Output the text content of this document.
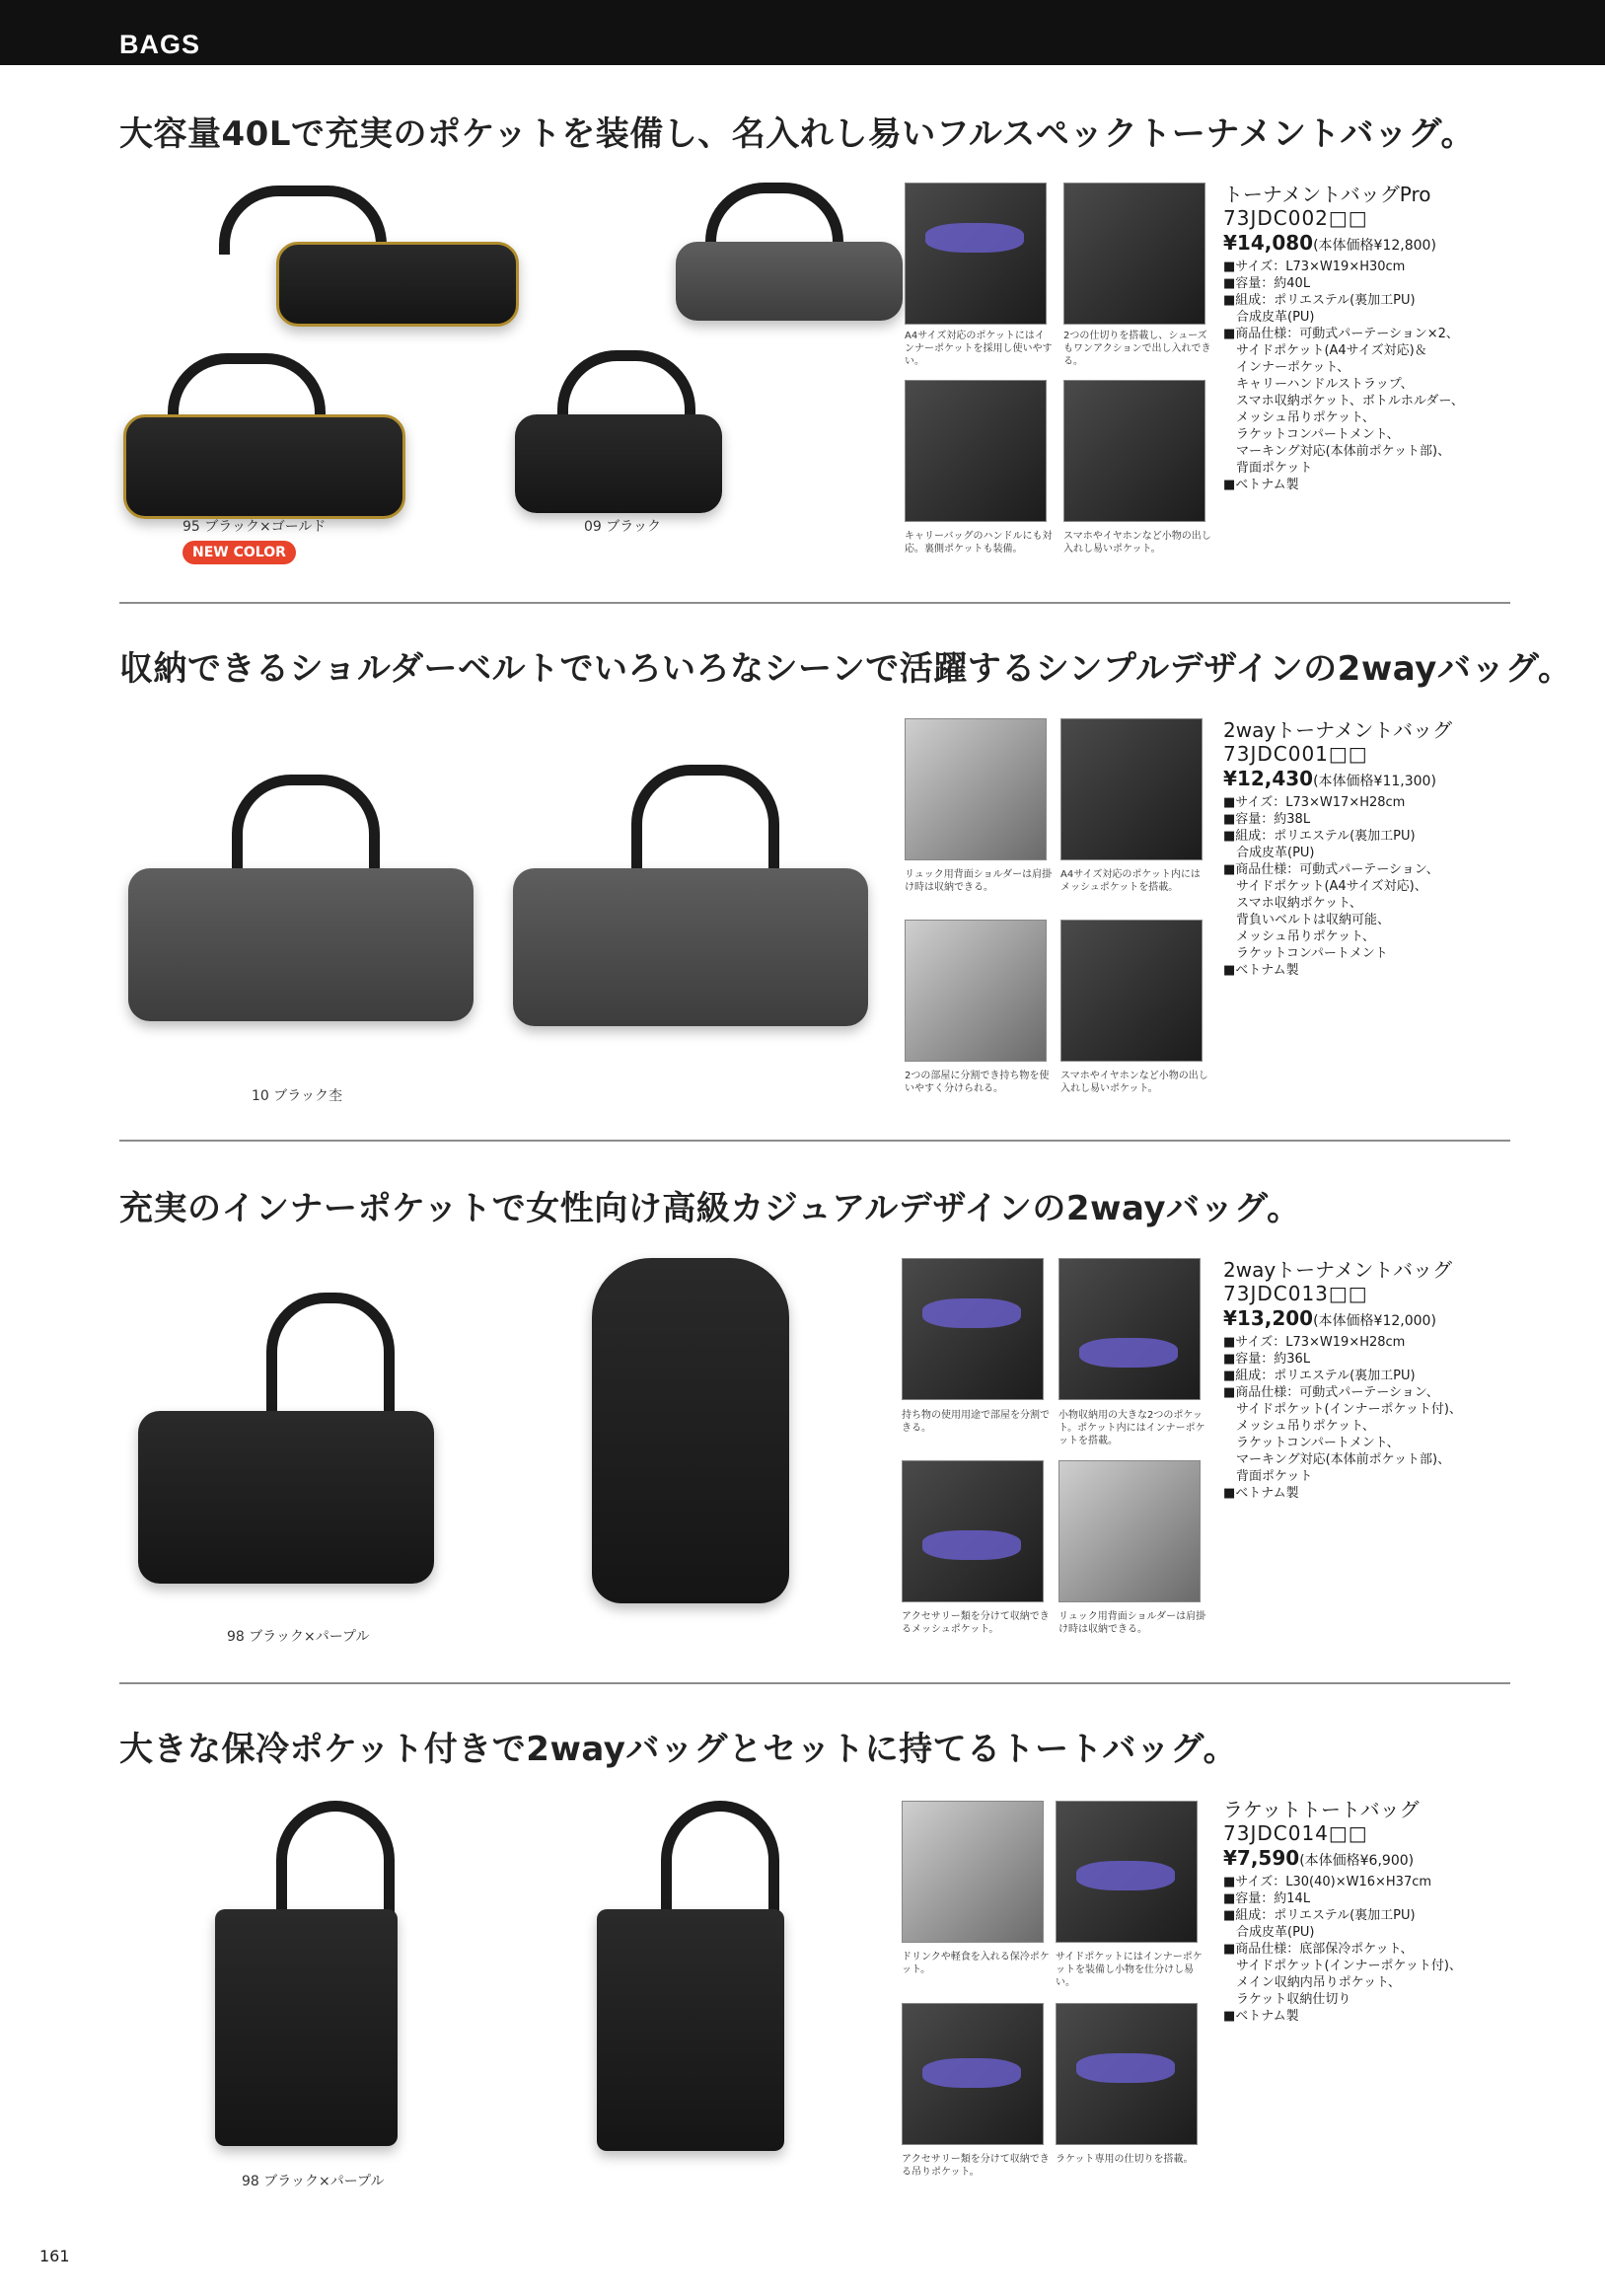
BAGS
大容量40Lで充実のポケットを装備し、名入れし易いフルスペックトーナメントバッグ。
95 ブラック×ゴールド
NEW COLOR
09 ブラック
A4サイズ対応のポケットにはインナーポケットを採用し使いやすい。
2つの仕切りを搭載し、シューズもワンアクションで出し入れできる。
キャリーバッグのハンドルにも対応。裏側ポケットも装備。
スマホやイヤホンなど小物の出し入れし易いポケット。
トーナメントバッグPro
73JDC002□□
¥14,080(本体価格¥12,800)
■サイズ：L73×W19×H30cm
■容量：約40L
■組成：ポリエステル(裏加工PU)
　合成皮革(PU)
■商品仕様：可動式パーテーション×2、
　サイドポケット(A4サイズ対応)＆
　インナーポケット、
　キャリーハンドルストラップ、
　スマホ収納ポケット、ボトルホルダー、
　メッシュ吊りポケット、
　ラケットコンパートメント、
　マーキング対応(本体前ポケット部)、
　背面ポケット
■ベトナム製
収納できるショルダーベルトでいろいろなシーンで活躍するシンプルデザインの2wayバッグ。
10 ブラック杢
リュック用背面ショルダーは肩掛け時は収納できる。
A4サイズ対応のポケット内にはメッシュポケットを搭載。
2つの部屋に分割でき持ち物を使いやすく分けられる。
スマホやイヤホンなど小物の出し入れし易いポケット。
2wayトーナメントバッグ
73JDC001□□
¥12,430(本体価格¥11,300)
■サイズ：L73×W17×H28cm
■容量：約38L
■組成：ポリエステル(裏加工PU)
　合成皮革(PU)
■商品仕様：可動式パーテーション、
　サイドポケット(A4サイズ対応)、
　スマホ収納ポケット、
　背負いベルトは収納可能、
　メッシュ吊りポケット、
　ラケットコンパートメント
■ベトナム製
充実のインナーポケットで女性向け高級カジュアルデザインの2wayバッグ。
98 ブラック×パープル
持ち物の使用用途で部屋を分割できる。
小物収納用の大きな2つのポケット。ポケット内にはインナーポケットを搭載。
アクセサリー類を分けて収納できるメッシュポケット。
リュック用背面ショルダーは肩掛け時は収納できる。
2wayトーナメントバッグ
73JDC013□□
¥13,200(本体価格¥12,000)
■サイズ：L73×W19×H28cm
■容量：約36L
■組成：ポリエステル(裏加工PU)
■商品仕様：可動式パーテーション、
　サイドポケット(インナーポケット付)、
　メッシュ吊りポケット、
　ラケットコンパートメント、
　マーキング対応(本体前ポケット部)、
　背面ポケット
■ベトナム製
大きな保冷ポケット付きで2wayバッグとセットに持てるトートバッグ。
98 ブラック×パープル
ドリンクや軽食を入れる保冷ポケット。
サイドポケットにはインナーポケットを装備し小物を仕分けし易い。
アクセサリー類を分けて収納できる吊りポケット。
ラケット専用の仕切りを搭載。
ラケットトートバッグ
73JDC014□□
¥7,590(本体価格¥6,900)
■サイズ：L30(40)×W16×H37cm
■容量：約14L
■組成：ポリエステル(裏加工PU)
　合成皮革(PU)
■商品仕様：底部保冷ポケット、
　サイドポケット(インナーポケット付)、
　メイン収納内吊りポケット、
　ラケット収納仕切り
■ベトナム製
161
